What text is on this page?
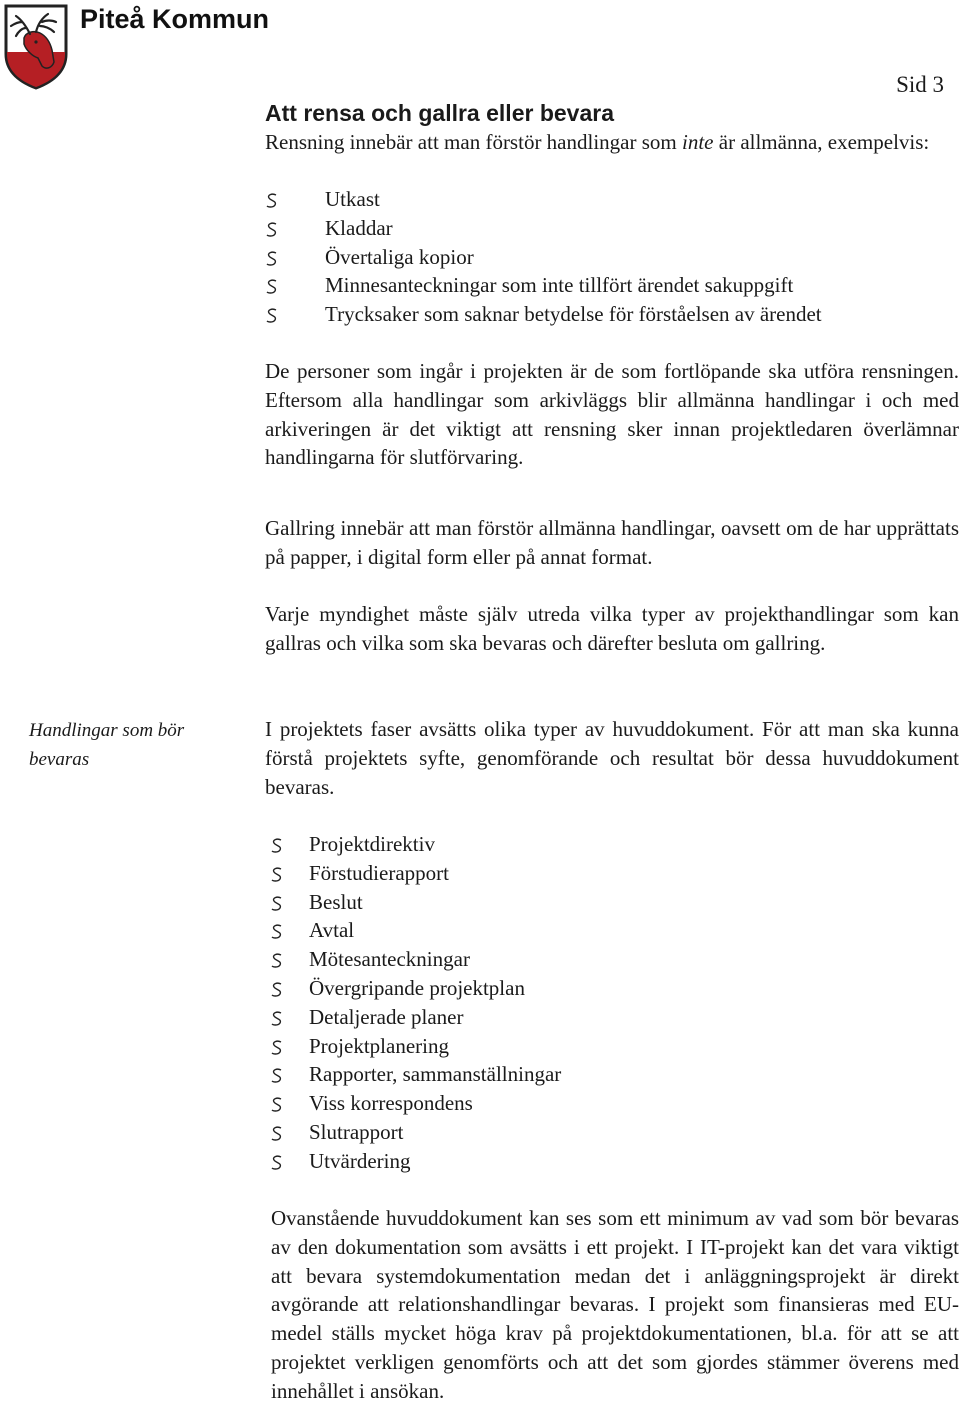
Piteå Kommun
Sid 3
Att rensa och gallra eller bevara

Rensning innebär att man förstör handlingar som inte är allmänna, exempelvis:

Utkast
Kladdar
Övertaliga kopior
Minnesanteckningar som inte tillfört ärendet sakuppgift
Trycksaker som saknar betydelse för förståelsen av ärendet

De personer som ingår i projekten är de som fortlöpande ska utföra rensningen. Eftersom alla handlingar som arkivläggs blir allmänna handlingar i och med arkiveringen är det viktigt att rensning sker innan projektledaren överlämnar handlingarna för slutförvaring.

Gallring innebär att man förstör allmänna handlingar, oavsett om de har upprättats på papper, i digital form eller på annat format.

Varje myndighet måste själv utreda vilka typer av projekthandlingar som kan gallras och vilka som ska bevaras och därefter besluta om gallring.

Handlingar som bör bevaras

I projektets faser avsätts olika typer av huvuddokument. För att man ska kunna förstå projektets syfte, genomförande och resultat bör dessa huvuddokument bevaras.

Projektdirektiv
Förstudierapport
Beslut
Avtal
Mötesanteckningar
Övergripande projektplan
Detaljerade planer
Projektplanering
Rapporter, sammanställningar
Viss korrespondens
Slutrapport
Utvärdering

Ovanstående huvuddokument kan ses som ett minimum av vad som bör bevaras av den dokumentation som avsätts i ett projekt. I IT-projekt kan det vara viktigt att bevara systemdokumentation medan det i anläggningsprojekt är direkt avgörande att relationshandlingar bevaras. I projekt som finansieras med EU-medel ställs mycket höga krav på projektdokumentationen, bl.a. för att se att projektet verkligen genomförts och att det som gjordes stämmer överens med innehållet i ansökan.
